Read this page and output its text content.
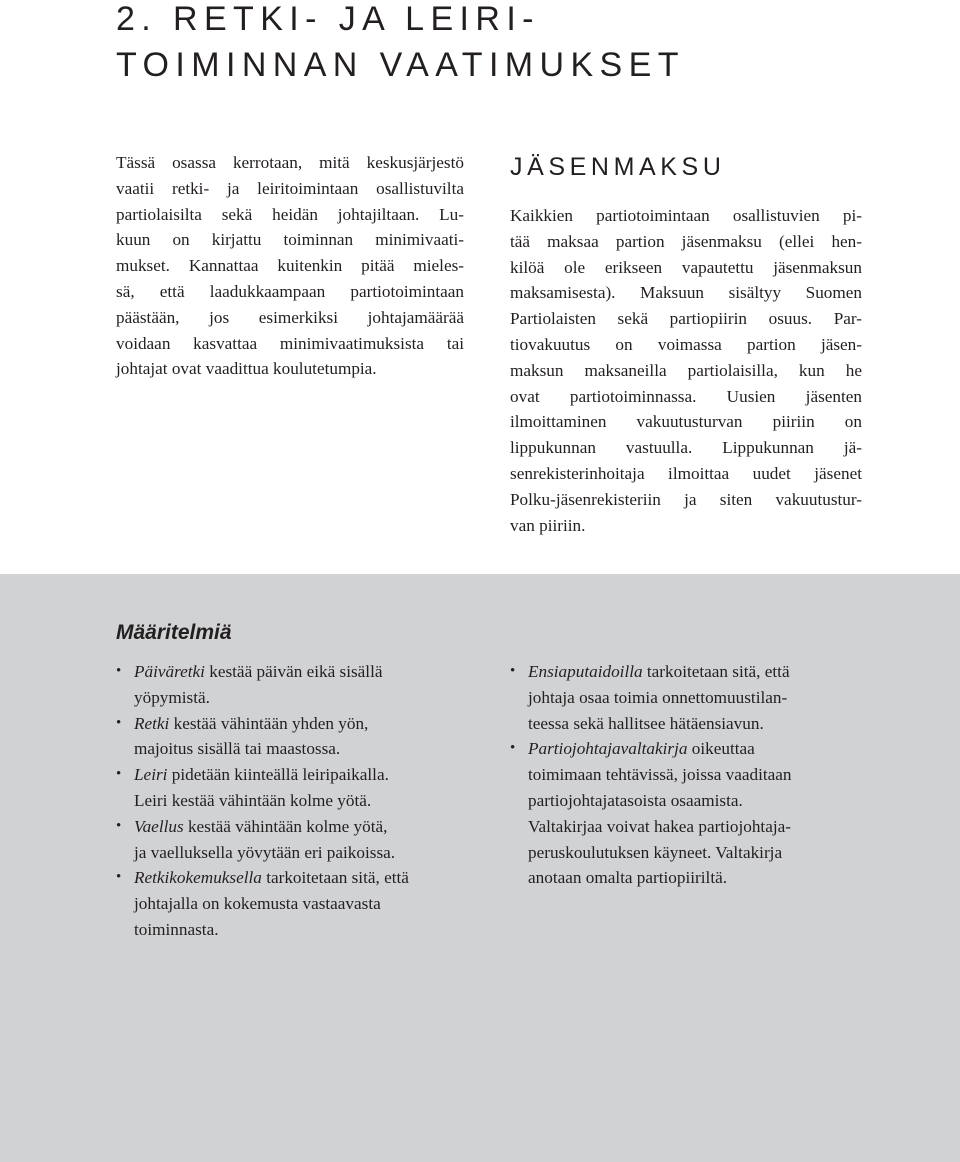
2. RETKI- JA LEIRI-
TOIMINNAN VAATIMUKSET
Tässä osassa kerrotaan, mitä keskusjärjestö
vaatii retki- ja leiritoimintaan osallistuvilta
partiolaisilta sekä heidän johtajiltaan. Lu-
kuun on kirjattu toiminnan minimivaati-
mukset. Kannattaa kuitenkin pitää mieles-
sä, että laadukkaampaan partiotoimintaan
päästään, jos esimerkiksi johtajamäärää
voidaan kasvattaa minimivaatimuksista tai
johtajat ovat vaadittua koulutetumpia.
JÄSENMAKSU
Kaikkien partiotoimintaan osallistuvien pi-
tää maksaa partion jäsenmaksu (ellei hen-
kilöä ole erikseen vapautettu jäsenmaksun
maksamisesta). Maksuun sisältyy Suomen
Partiolaisten sekä partiopiirin osuus. Par-
tiovakuutus on voimassa partion jäsen-
maksun maksaneilla partiolaisilla, kun he
ovat partiotoiminnassa. Uusien jäsenten
ilmoittaminen vakuutusturvan piiriin on
lippukunnan vastuulla. Lippukunnan jä-
senrekisterinhoitaja ilmoittaa uudet jäsenet
Polku-jäsenrekisteriin ja siten vakuutustur-
van piiriin.
Määritelmiä
• Päiväretki kestää päivän eikä sisällä
yöpymistä.
• Retki kestää vähintään yhden yön,
majoitus sisällä tai maastossa.
• Leiri pidetään kiinteällä leiripaikalla.
Leiri kestää vähintään kolme yötä.
• Vaellus kestää vähintään kolme yötä,
ja vaelluksella yövytään eri paikoissa.
• Retkikokemuksella tarkoitetaan sitä, että
johtajalla on kokemusta vastaavasta
toiminnasta.
• Ensiaputaidoilla tarkoitetaan sitä, että
johtaja osaa toimia onnettomuustilan-
teessa sekä hallitsee hätäensiavun.
• Partiojohtajavaltakirja oikeuttaa
toimimaan tehtävissä, joissa vaaditaan
partiojohtajatasoista osaamista.
Valtakirjaa voivat hakea partiojohtaja-
peruskoulutuksen käyneet. Valtakirja
anotaan omalta partiopiiriltä.
